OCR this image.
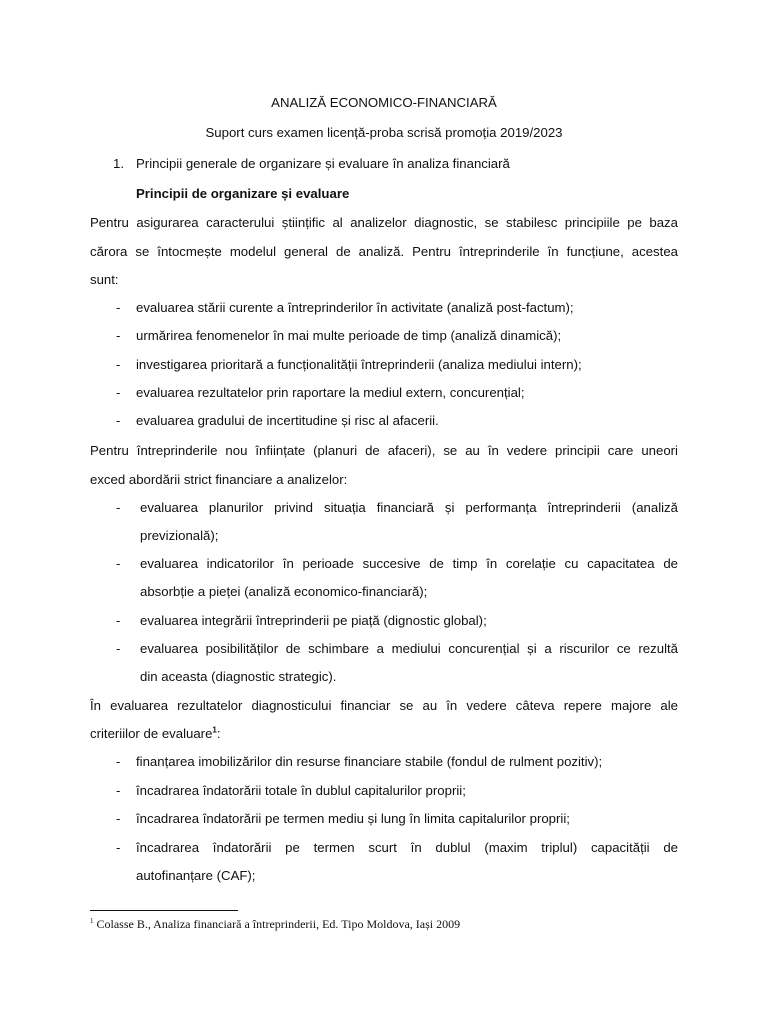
ANALIZĂ ECONOMICO-FINANCIARĂ
Suport curs examen licență-proba scrisă promoția 2019/2023
1. Principii generale de organizare și evaluare în analiza financiară
Principii de organizare și evaluare
Pentru asigurarea caracterului științific al analizelor diagnostic, se stabilesc principiile pe baza
cărora se întocmește modelul general de analiză. Pentru întreprinderile în funcțiune, acestea
sunt:
- evaluarea stării curente a întreprinderilor în activitate (analiză post-factum);
- urmărirea fenomenelor în mai multe perioade de timp (analiză dinamică);
- investigarea prioritară a funcționalității întreprinderii (analiza mediului intern);
- evaluarea rezultatelor prin raportare la mediul extern, concurențial;
- evaluarea gradului de incertitudine și risc al afacerii.
Pentru întreprinderile nou înființate (planuri de afaceri), se au în vedere principii care uneori
exced abordării strict financiare a analizelor:
- evaluarea planurilor privind situația financiară și performanța întreprinderii (analiză
previzională);
- evaluarea indicatorilor în perioade succesive de timp în corelație cu capacitatea de
absorbție a pieței (analiză economico-financiară);
- evaluarea integrării întreprinderii pe piață (dignostic global);
- evaluarea posibilităților de schimbare a mediului concurențial și a riscurilor ce rezultă
din aceasta (diagnostic strategic).
În evaluarea rezultatelor diagnosticului financiar se au în vedere câteva repere majore ale
criteriilor de evaluare$^1$:
- finanțarea imobilizărilor din resurse financiare stabile (fondul de rulment pozitiv);
- încadrarea îndatorării totale în dublul capitalurilor proprii;
- încadrarea îndatorării pe termen mediu și lung în limita capitalurilor proprii;
- încadrarea îndatorării pe termen scurt în dublul (maxim triplul) capacității de
autofinanțare (CAF);
$^1$ Colasse B., Analiza financiară a întreprinderii, Ed. Tipo Moldova, Iași 2009
